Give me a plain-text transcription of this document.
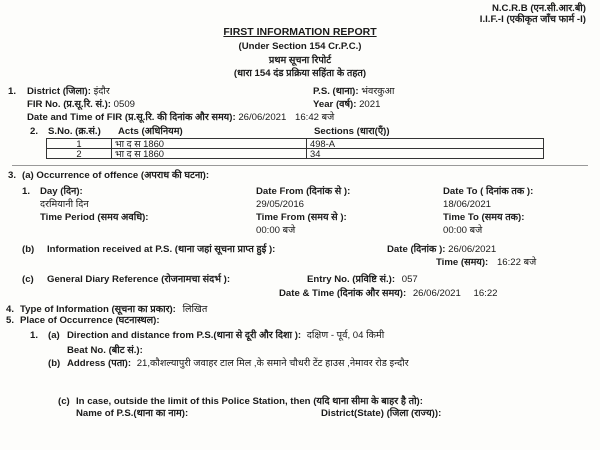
N.C.R.B (एन.सी.आर.बी)
I.I.F.-I (एकीकृत जाँच फार्म -I)
FIRST INFORMATION REPORT
(Under Section 154 Cr.P.C.)
प्रथम सूचना रिपोर्ट
(धारा 154 दंड प्रक्रिया सहिंता के तहत)
1. District (जिला): इंदौर	P.S. (थाना): भंवरकुआ
FIR No. (प्र.सू.रि. सं.): 0509	Year (वर्ष): 2021
Date and Time of FIR (प्र.सू.रि. की दिनांक और समय): 26/06/2021 16:42 बजे
2. S.No. (क्र.सं.) Acts (अधिनियम)	Sections (धारा(एँ))
1	भा द स 1860	498-A
2	भा द स 1860	34
3. (a) Occurrence of offence (अपराध की घटना):
1. Day (दिन):
दरमियानी दिन
Date From (दिनांक से ):
29/05/2016
Date To ( दिनांक तक ):
18/06/2021
Time Period (समय अवधि):	Time From (समय से ):
00:00 बजे
Time To (समय तक):
00:00 बजे
(b) Information received at P.S. (थाना जहां सूचना प्राप्त हुई ):	Date (दिनांक ): 26/06/2021
Time (समय): 16:22 बजे
(c) General Diary Reference (रोजनामचा संदर्भ ):	Entry No. (प्रविष्टि सं.): 057
Date & Time (दिनांक और समय): 26/06/2021 16:22
4. Type of Information (सूचना का प्रकार): लिखित
5. Place of Occurrence (घटनास्थल):
1. (a) Direction and distance from P.S.(थाना से दूरी और दिशा ): दक्षिण - पूर्व, 04 किमी
Beat No. (बीट सं.):
(b) Address (पता): 21,कौशल्यापुरी जवाहर टाल मिल ,के समाने चौधरी टेंट हाउस ,नेमावर रोड इन्दौर
(c) In case, outside the limit of this Police Station, then (यदि थाना सीमा के बाहर है तो):
Name of P.S.(थाना का नाम):	District(State) (जिला (राज्य)):
